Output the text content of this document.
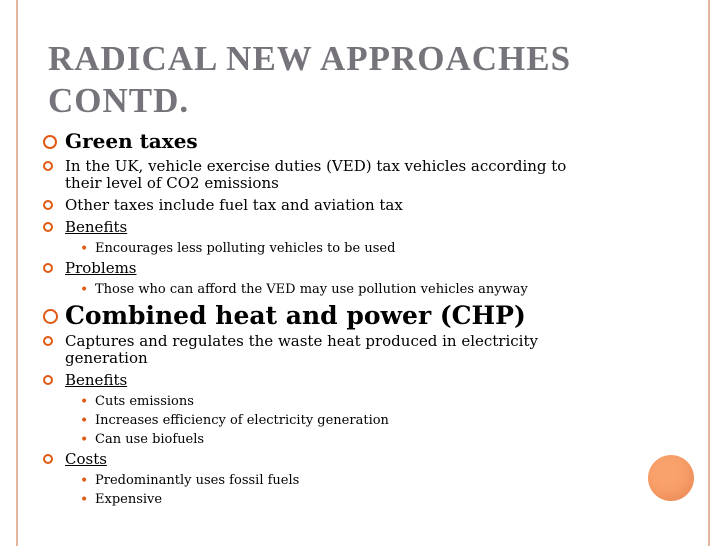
RADICAL NEW APPROACHES CONTD.
Green taxes
In the UK, vehicle exercise duties (VED) tax vehicles according to their level of CO2 emissions
Other taxes include fuel tax and aviation tax
Benefits
• Encourages less polluting vehicles to be used
Problems
• Those who can afford the VED may use pollution vehicles anyway
Combined heat and power (CHP)
Captures and regulates the waste heat produced in electricity generation
Benefits
• Cuts emissions
• Increases efficiency of electricity generation
• Can use biofuels
Costs
• Predominantly uses fossil fuels
• Expensive
